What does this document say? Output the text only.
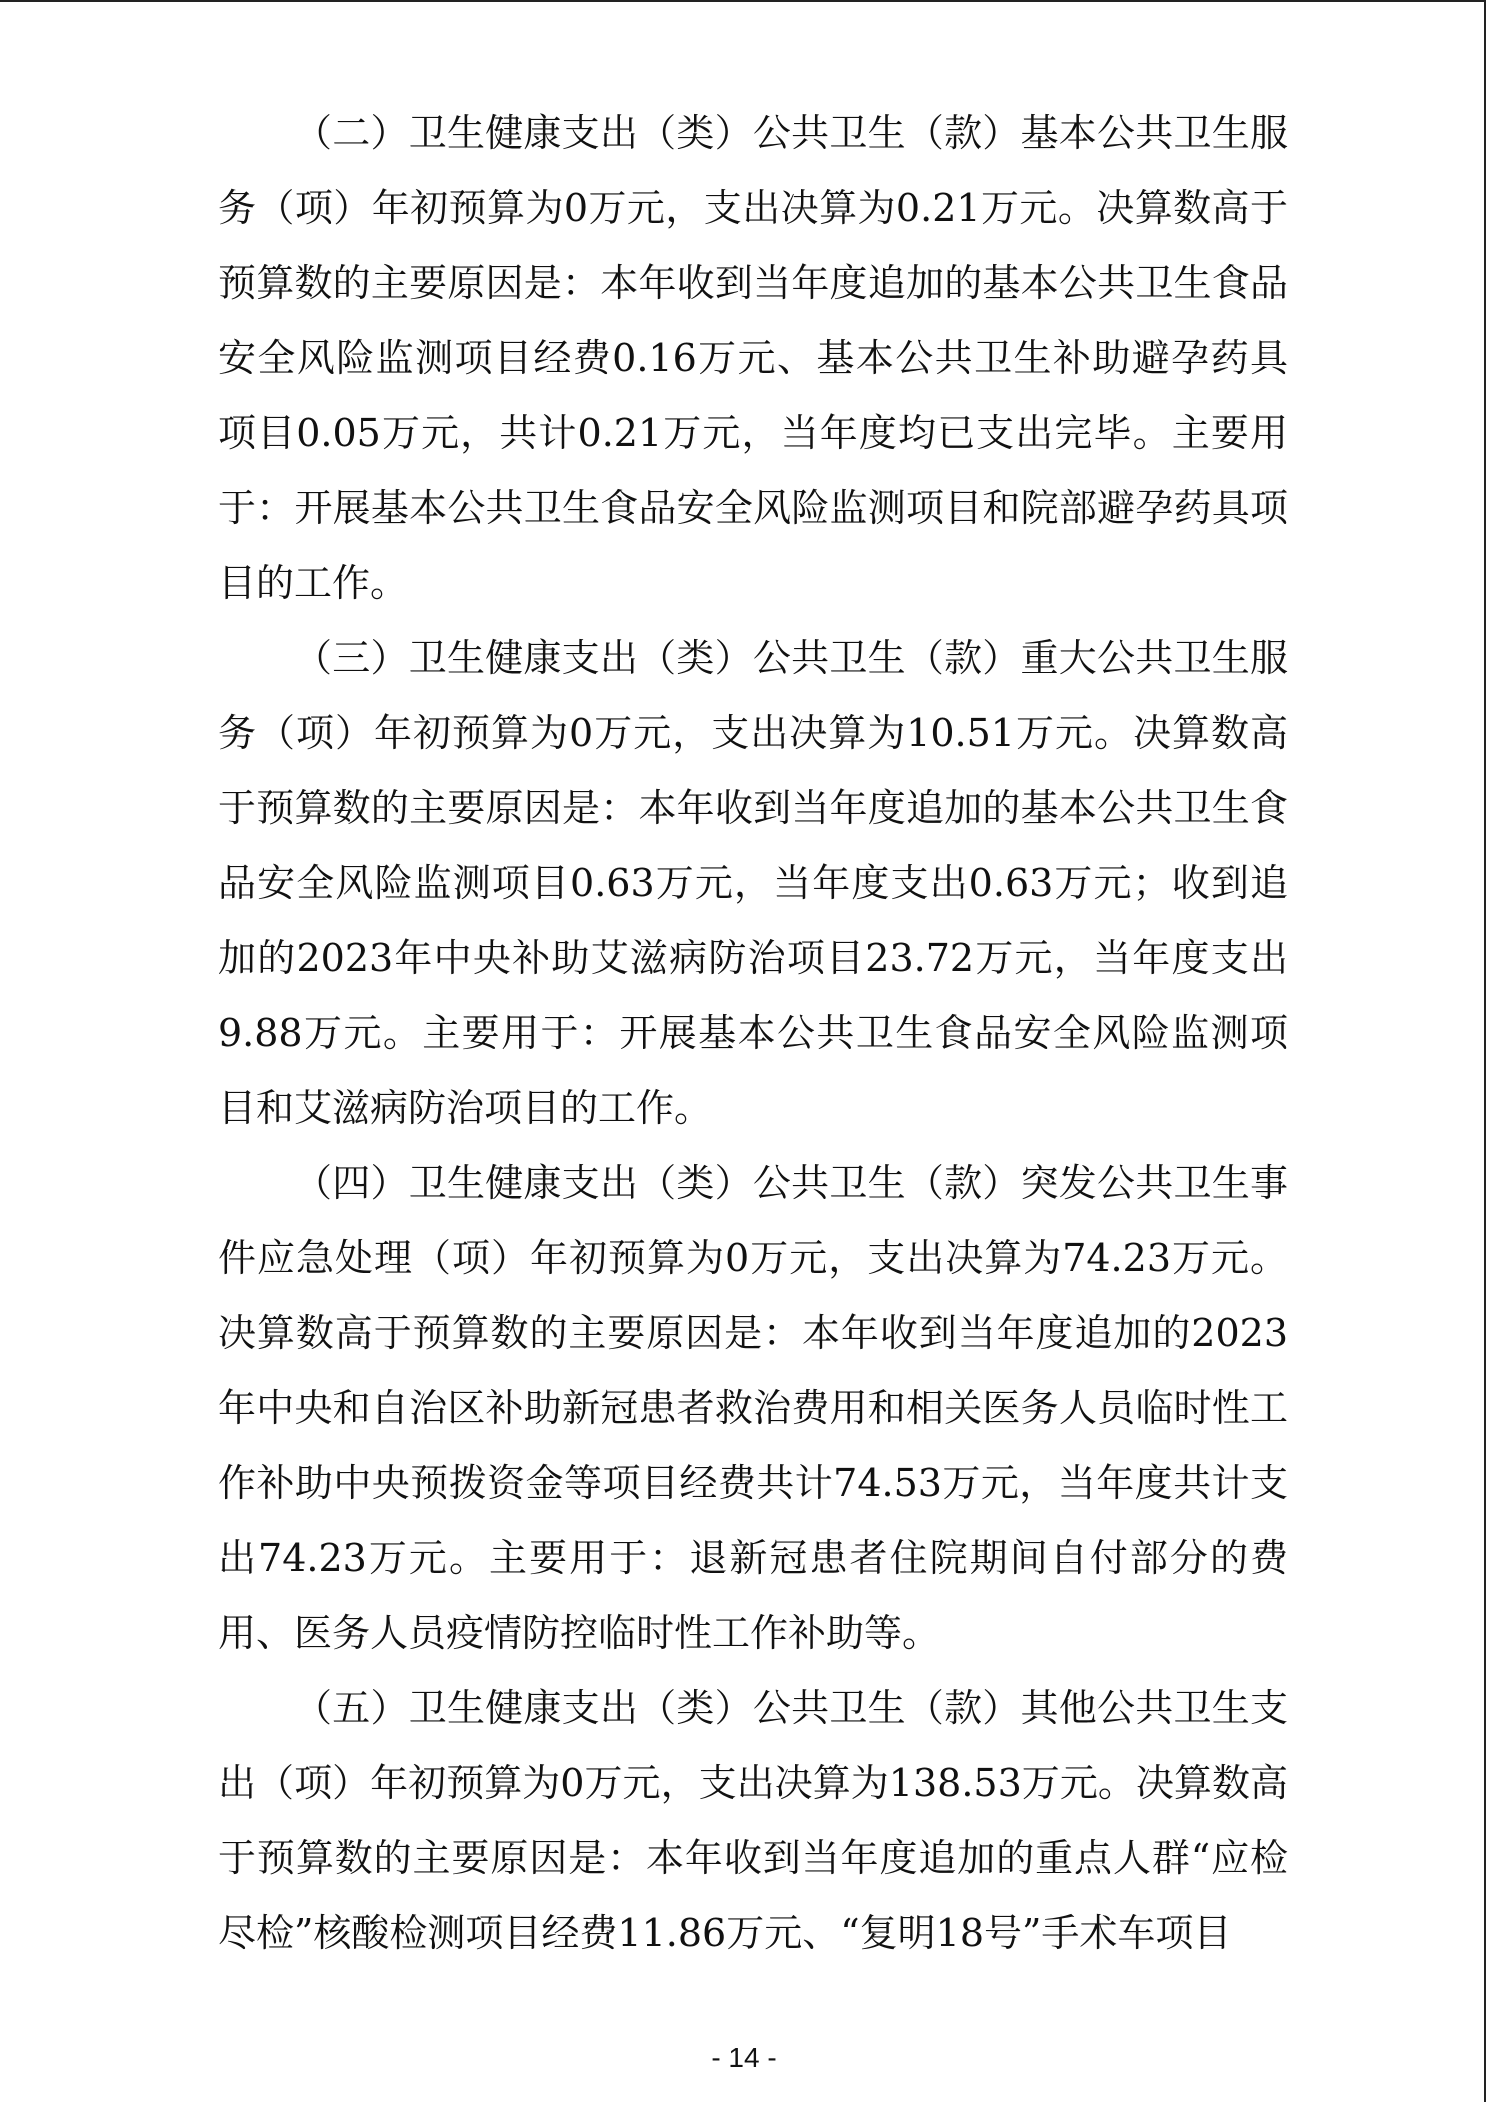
（二）卫生健康支出（类）公共卫生（款）基本公共卫生服务（项）年初预算为0万元，支出决算为0.21万元。决算数高于预算数的主要原因是：本年收到当年度追加的基本公共卫生食品安全风险监测项目经费0.16万元、基本公共卫生补助避孕药具项目0.05万元，共计0.21万元，当年度均已支出完毕。主要用于：开展基本公共卫生食品安全风险监测项目和院部避孕药具项目的工作。

（三）卫生健康支出（类）公共卫生（款）重大公共卫生服务（项）年初预算为0万元，支出决算为10.51万元。决算数高于预算数的主要原因是：本年收到当年度追加的基本公共卫生食品安全风险监测项目0.63万元，当年度支出0.63万元；收到追加的2023年中央补助艾滋病防治项目23.72万元，当年度支出9.88万元。主要用于：开展基本公共卫生食品安全风险监测项目和艾滋病防治项目的工作。

（四）卫生健康支出（类）公共卫生（款）突发公共卫生事件应急处理（项）年初预算为0万元，支出决算为74.23万元。决算数高于预算数的主要原因是：本年收到当年度追加的2023年中央和自治区补助新冠患者救治费用和相关医务人员临时性工作补助中央预拨资金等项目经费共计74.53万元，当年度共计支出74.23万元。主要用于：退新冠患者住院期间自付部分的费用、医务人员疫情防控临时性工作补助等。

（五）卫生健康支出（类）公共卫生（款）其他公共卫生支出（项）年初预算为0万元，支出决算为138.53万元。决算数高于预算数的主要原因是：本年收到当年度追加的重点人群“应检尽检”核酸检测项目经费11.86万元、“复明18号”手术车项目

- 14 -
